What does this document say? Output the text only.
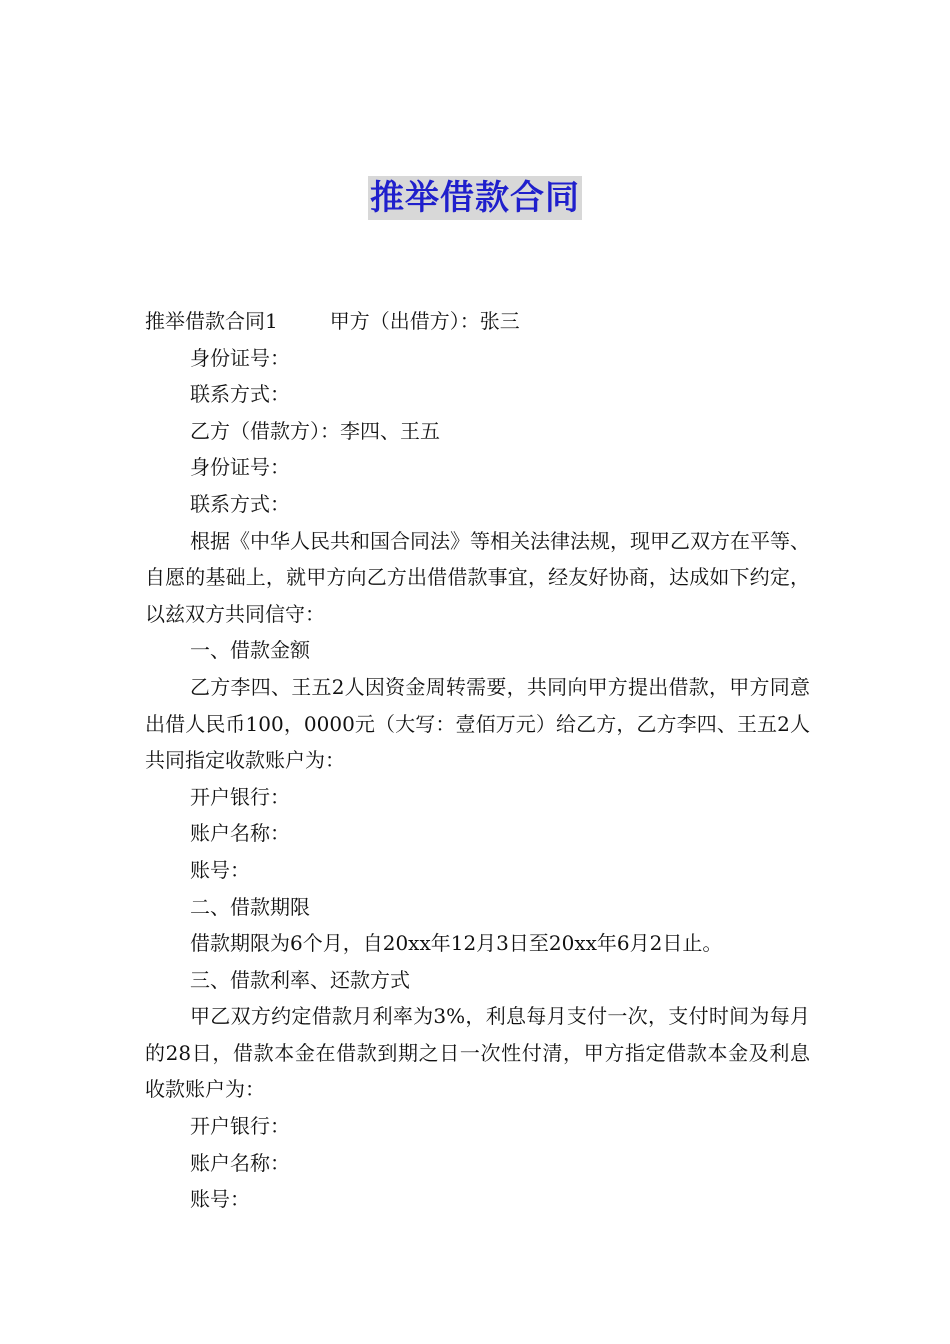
推举借款合同

推举借款合同1	甲方（出借方）：张三

身份证号：

联系方式：

乙方（借款方）：李四、王五

身份证号：

联系方式：

根据《中华人民共和国合同法》等相关法律法规，现甲乙双方在平等、自愿的基础上，就甲方向乙方出借借款事宜，经友好协商，达成如下约定，以兹双方共同信守：

一、借款金额

乙方李四、王五2人因资金周转需要，共同向甲方提出借款，甲方同意出借人民币100，0000元（大写：壹佰万元）给乙方，乙方李四、王五2人共同指定收款账户为：

开户银行：

账户名称：

账号：

二、借款期限

借款期限为6个月，自20xx年12月3日至20xx年6月2日止。

三、借款利率、还款方式

甲乙双方约定借款月利率为3%，利息每月支付一次，支付时间为每月的28日，借款本金在借款到期之日一次性付清，甲方指定借款本金及利息收款账户为：

开户银行：

账户名称：

账号：
